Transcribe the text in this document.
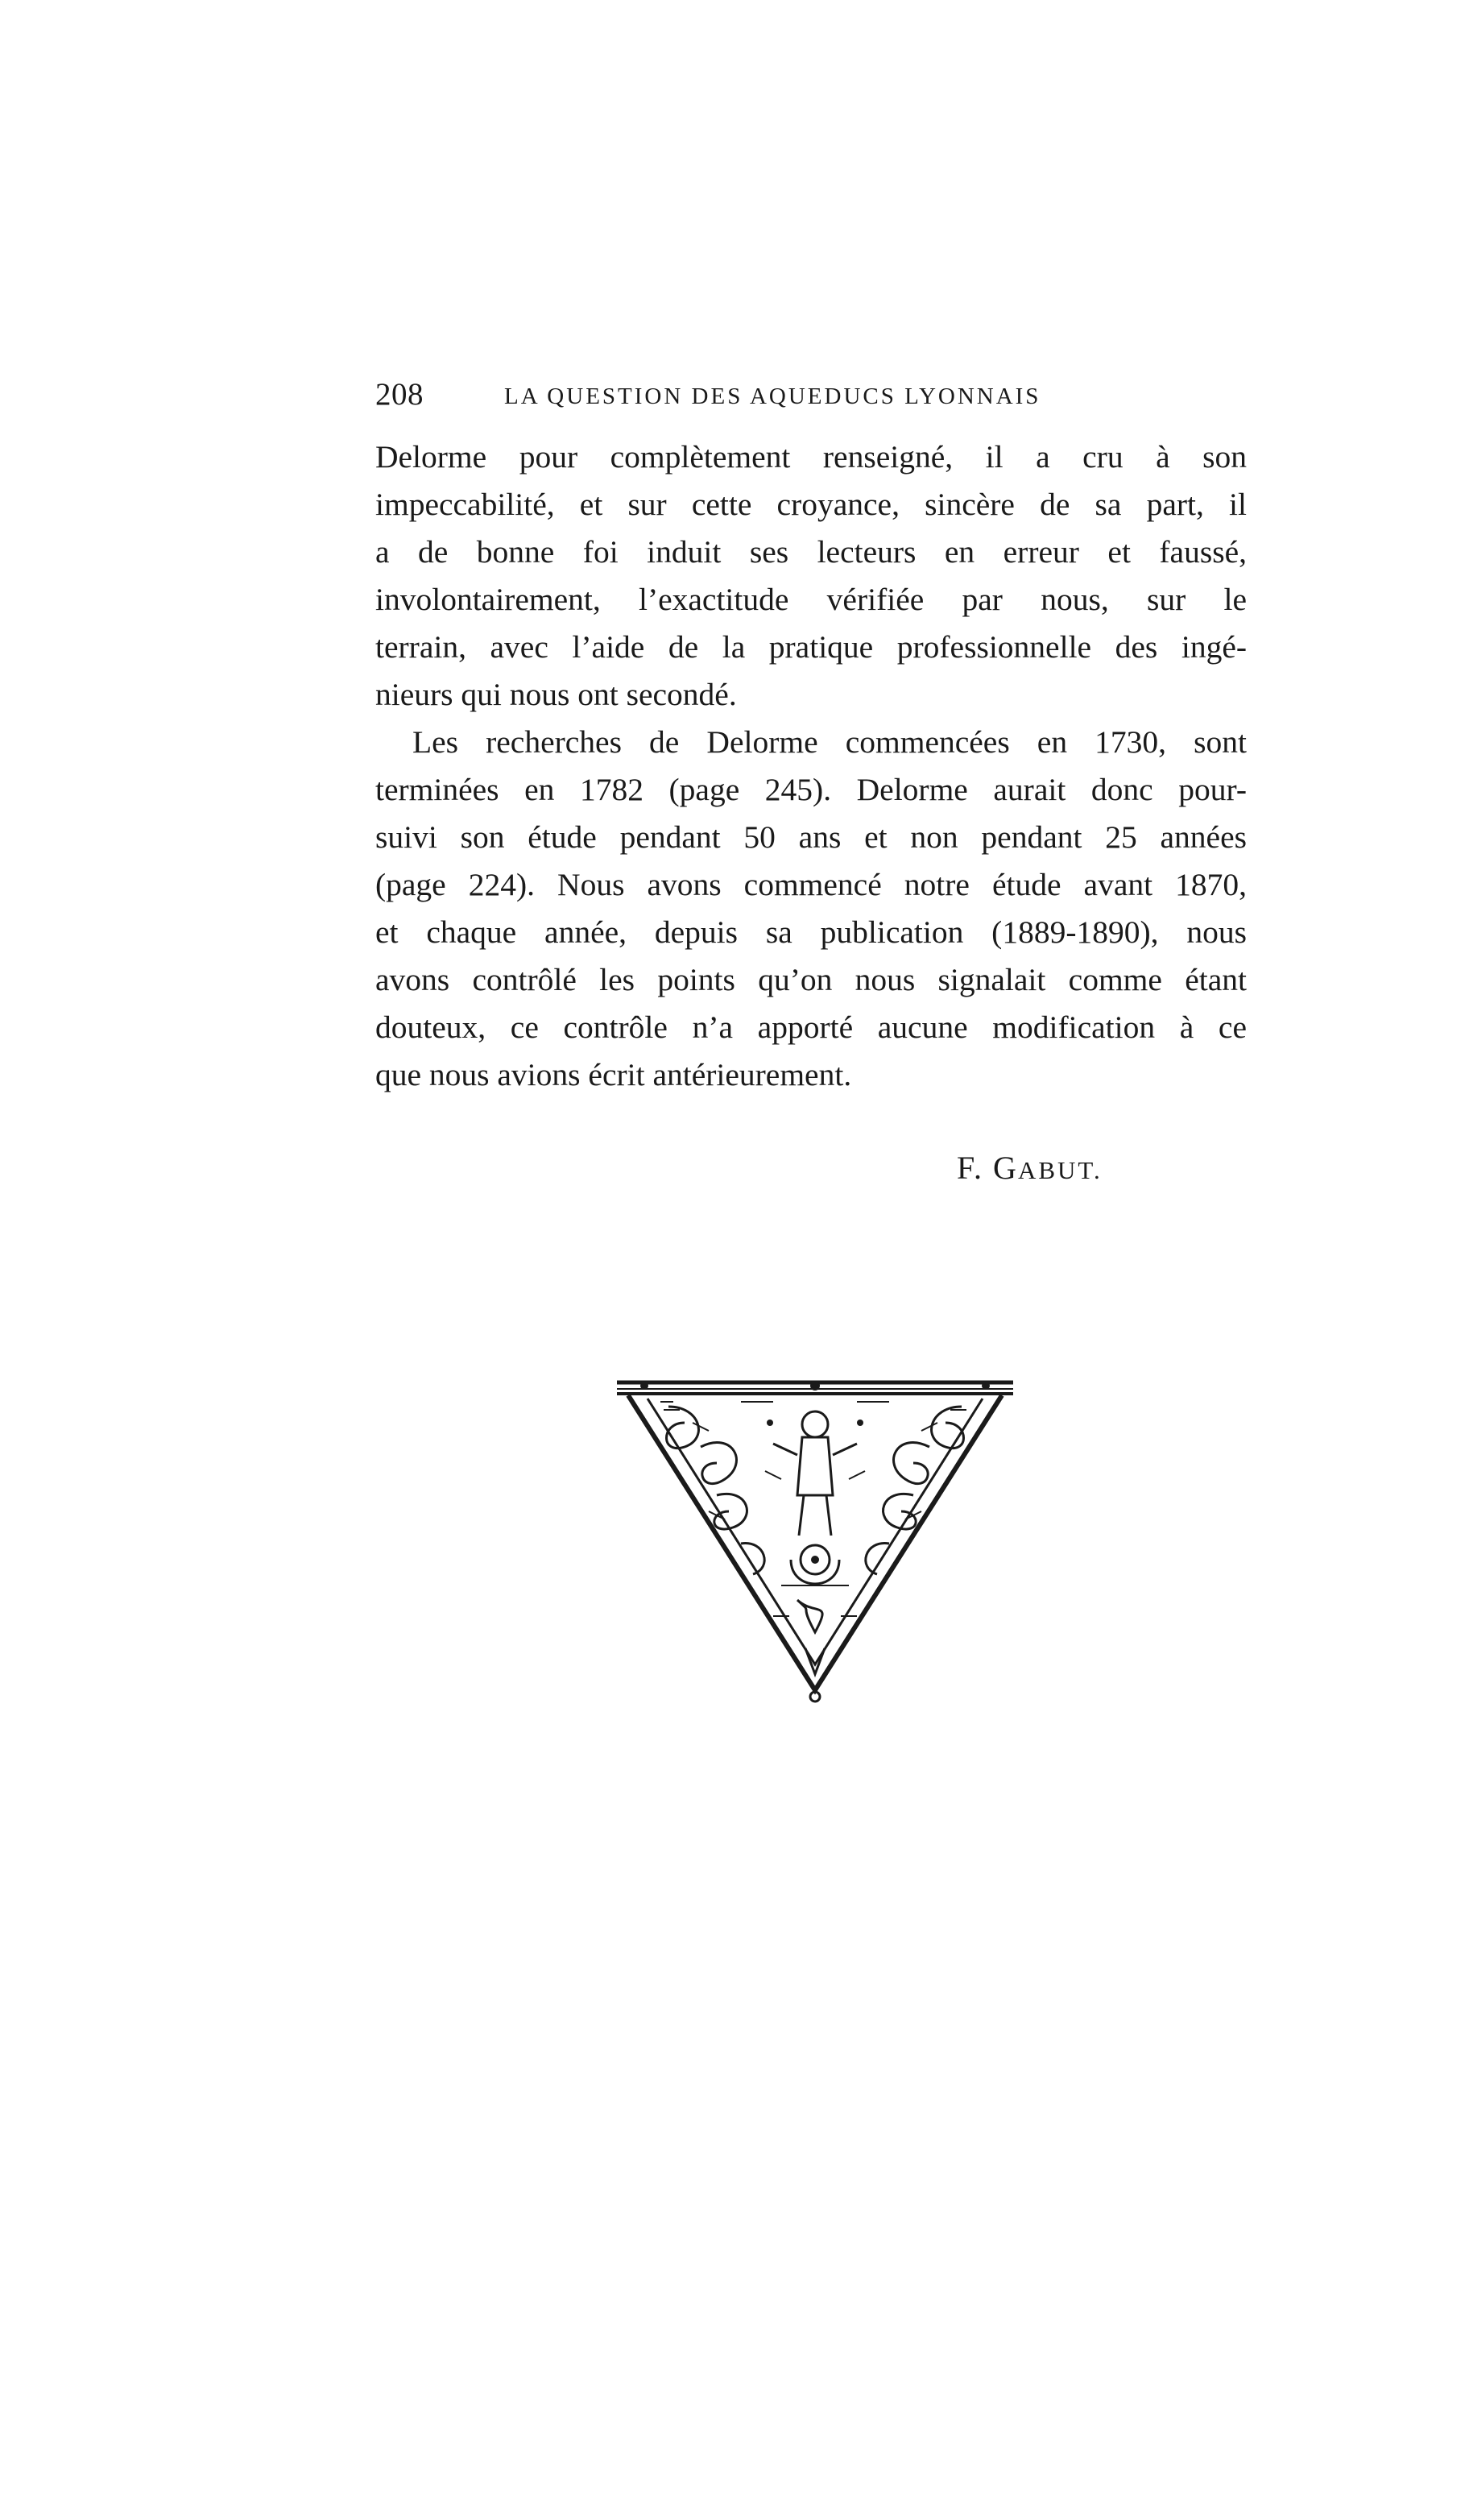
208	LA QUESTION DES AQUEDUCS LYONNAIS

Delorme pour complètement renseigné, il a cru à son
impeccabilité, et sur cette croyance, sincère de sa part, il
a de bonne foi induit ses lecteurs en erreur et faussé,
involontairement, l’exactitude vérifiée par nous, sur le
terrain, avec l’aide de la pratique professionnelle des ingé-
nieurs qui nous ont secondé.

Les recherches de Delorme commencées en 1730, sont
terminées en 1782 (page 245). Delorme aurait donc pour-
suivi son étude pendant 50 ans et non pendant 25 années
(page 224). Nous avons commencé notre étude avant 1870,
et chaque année, depuis sa publication (1889-1890), nous
avons contrôlé les points qu’on nous signalait comme étant
douteux, ce contrôle n’a apporté aucune modification à ce
que nous avions écrit antérieurement.

F. GABUT.
